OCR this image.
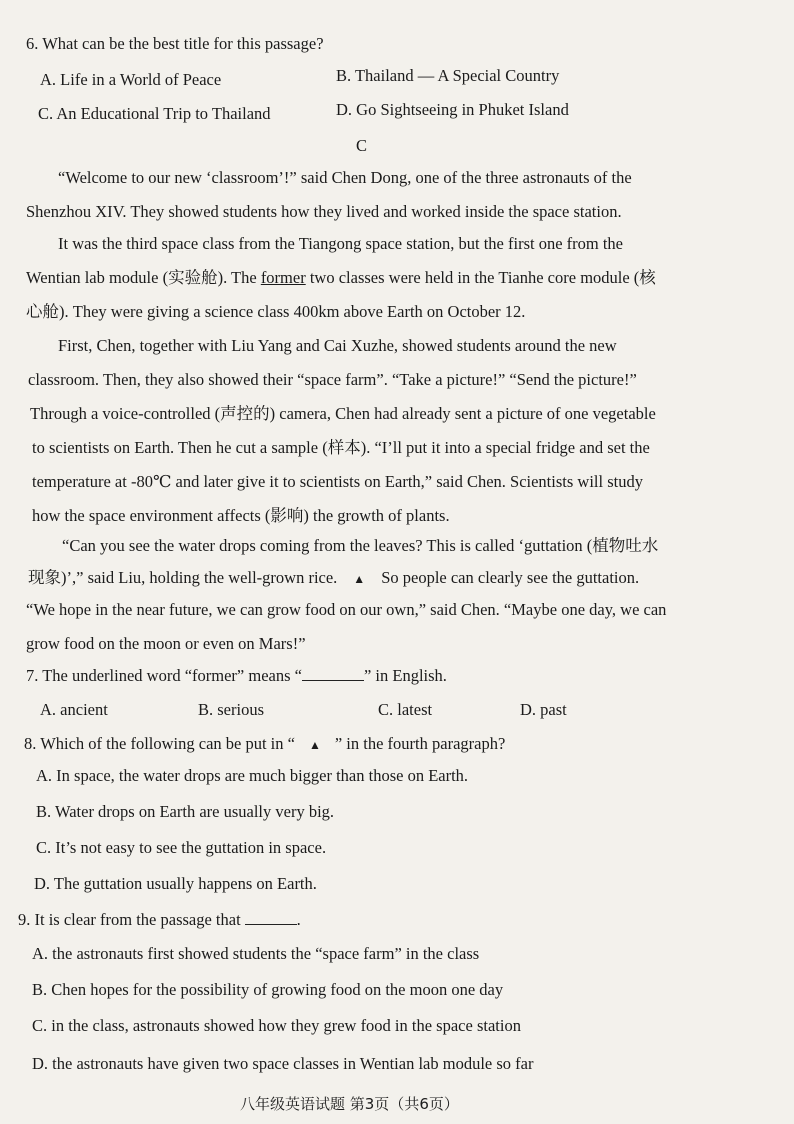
6. What can be the best title for this passage?
A. Life in a World of Peace	B. Thailand — A Special Country
C. An Educational Trip to Thailand	D. Go Sightseeing in Phuket Island
C
“Welcome to our new ‘classroom’!” said Chen Dong, one of the three astronauts of the
Shenzhou XIV. They showed students how they lived and worked inside the space station.
It was the third space class from the Tiangong space station, but the first one from the
Wentian lab module (实验舱). The former two classes were held in the Tianhe core module (核
心舱). They were giving a science class 400km above Earth on October 12.
First, Chen, together with Liu Yang and Cai Xuzhe, showed students around the new
classroom. Then, they also showed their “space farm”. “Take a picture!” “Send the picture!”
Through a voice-controlled (声控的) camera, Chen had already sent a picture of one vegetable
to scientists on Earth. Then he cut a sample (样本). “I’ll put it into a special fridge and set the
temperature at -80℃ and later give it to scientists on Earth,” said Chen. Scientists will study
how the space environment affects (影响) the growth of plants.
“Can you see the water drops coming from the leaves? This is called ‘guttation (植物吐水
现象)’,” said Liu, holding the well-grown rice. ▲ So people can clearly see the guttation.
“We hope in the near future, we can grow food on our own,” said Chen. “Maybe one day, we can
grow food on the moon or even on Mars!”
7. The underlined word “former” means “	” in English.
A. ancient	B. serious	C. latest	D. past
8. Which of the following can be put in “ ▲ ” in the fourth paragraph?
A. In space, the water drops are much bigger than those on Earth.
B. Water drops on Earth are usually very big.
C. It’s not easy to see the guttation in space.
D. The guttation usually happens on Earth.
9. It is clear from the passage that	.
A. the astronauts first showed students the “space farm” in the class
B. Chen hopes for the possibility of growing food on the moon one day
C. in the class, astronauts showed how they grew food in the space station
D. the astronauts have given two space classes in Wentian lab module so far
八年级英语试题 第3页（共6页）
